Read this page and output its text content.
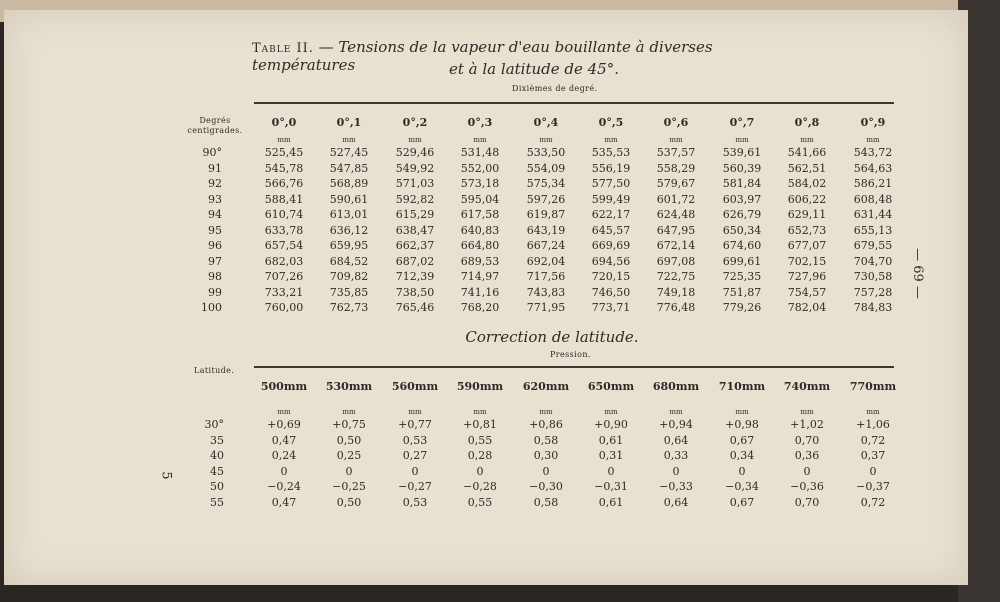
Table II. — Tensions de la vapeur d'eau bouillante à diverses températures	et à la latitude de 45°.
Dixièmes de degré.
Degrés centigrades.
0°,0	0°,1	0°,2	0°,3	0°,4	0°,5	0°,6	0°,7	0°,8	0°,9
mm	mm	mm	mm	mm	mm	mm	mm	mm	mm
90°	525,45	527,45	529,46	531,48	533,50	535,53	537,57	539,61	541,66	543,72
91	545,78	547,85	549,92	552,00	554,09	556,19	558,29	560,39	562,51	564,63
92	566,76	568,89	571,03	573,18	575,34	577,50	579,67	581,84	584,02	586,21
93	588,41	590,61	592,82	595,04	597,26	599,49	601,72	603,97	606,22	608,48
94	610,74	613,01	615,29	617,58	619,87	622,17	624,48	626,79	629,11	631,44
95	633,78	636,12	638,47	640,83	643,19	645,57	647,95	650,34	652,73	655,13
96	657,54	659,95	662,37	664,80	667,24	669,69	672,14	674,60	677,07	679,55
97	682,03	684,52	687,02	689,53	692,04	694,56	697,08	699,61	702,15	704,70
98	707,26	709,82	712,39	714,97	717,56	720,15	722,75	725,35	727,96	730,58
99	733,21	735,85	738,50	741,16	743,83	746,50	749,18	751,87	754,57	757,28
100	760,00	762,73	765,46	768,20	771,95	773,71	776,48	779,26	782,04	784,83
Correction de latitude.
Pression.
Latitude.
500mm	530mm	560mm	590mm	620mm	650mm	680mm	710mm	740mm	770mm
mm	mm	mm	mm	mm	mm	mm	mm	mm	mm
30°	+0,69	+0,75	+0,77	+0,81	+0,86	+0,90	+0,94	+0,98	+1,02	+1,06
35	0,47	0,50	0,53	0,55	0,58	0,61	0,64	0,67	0,70	0,72
40	0,24	0,25	0,27	0,28	0,30	0,31	0,33	0,34	0,36	0,37
45	0	0	0	0	0	0	0	0	0	0
50	−0,24	−0,25	−0,27	−0,28	−0,30	−0,31	−0,33	−0,34	−0,36	−0,37
55	0,47	0,50	0,53	0,55	0,58	0,61	0,64	0,67	0,70	0,72
— 69 —
5
